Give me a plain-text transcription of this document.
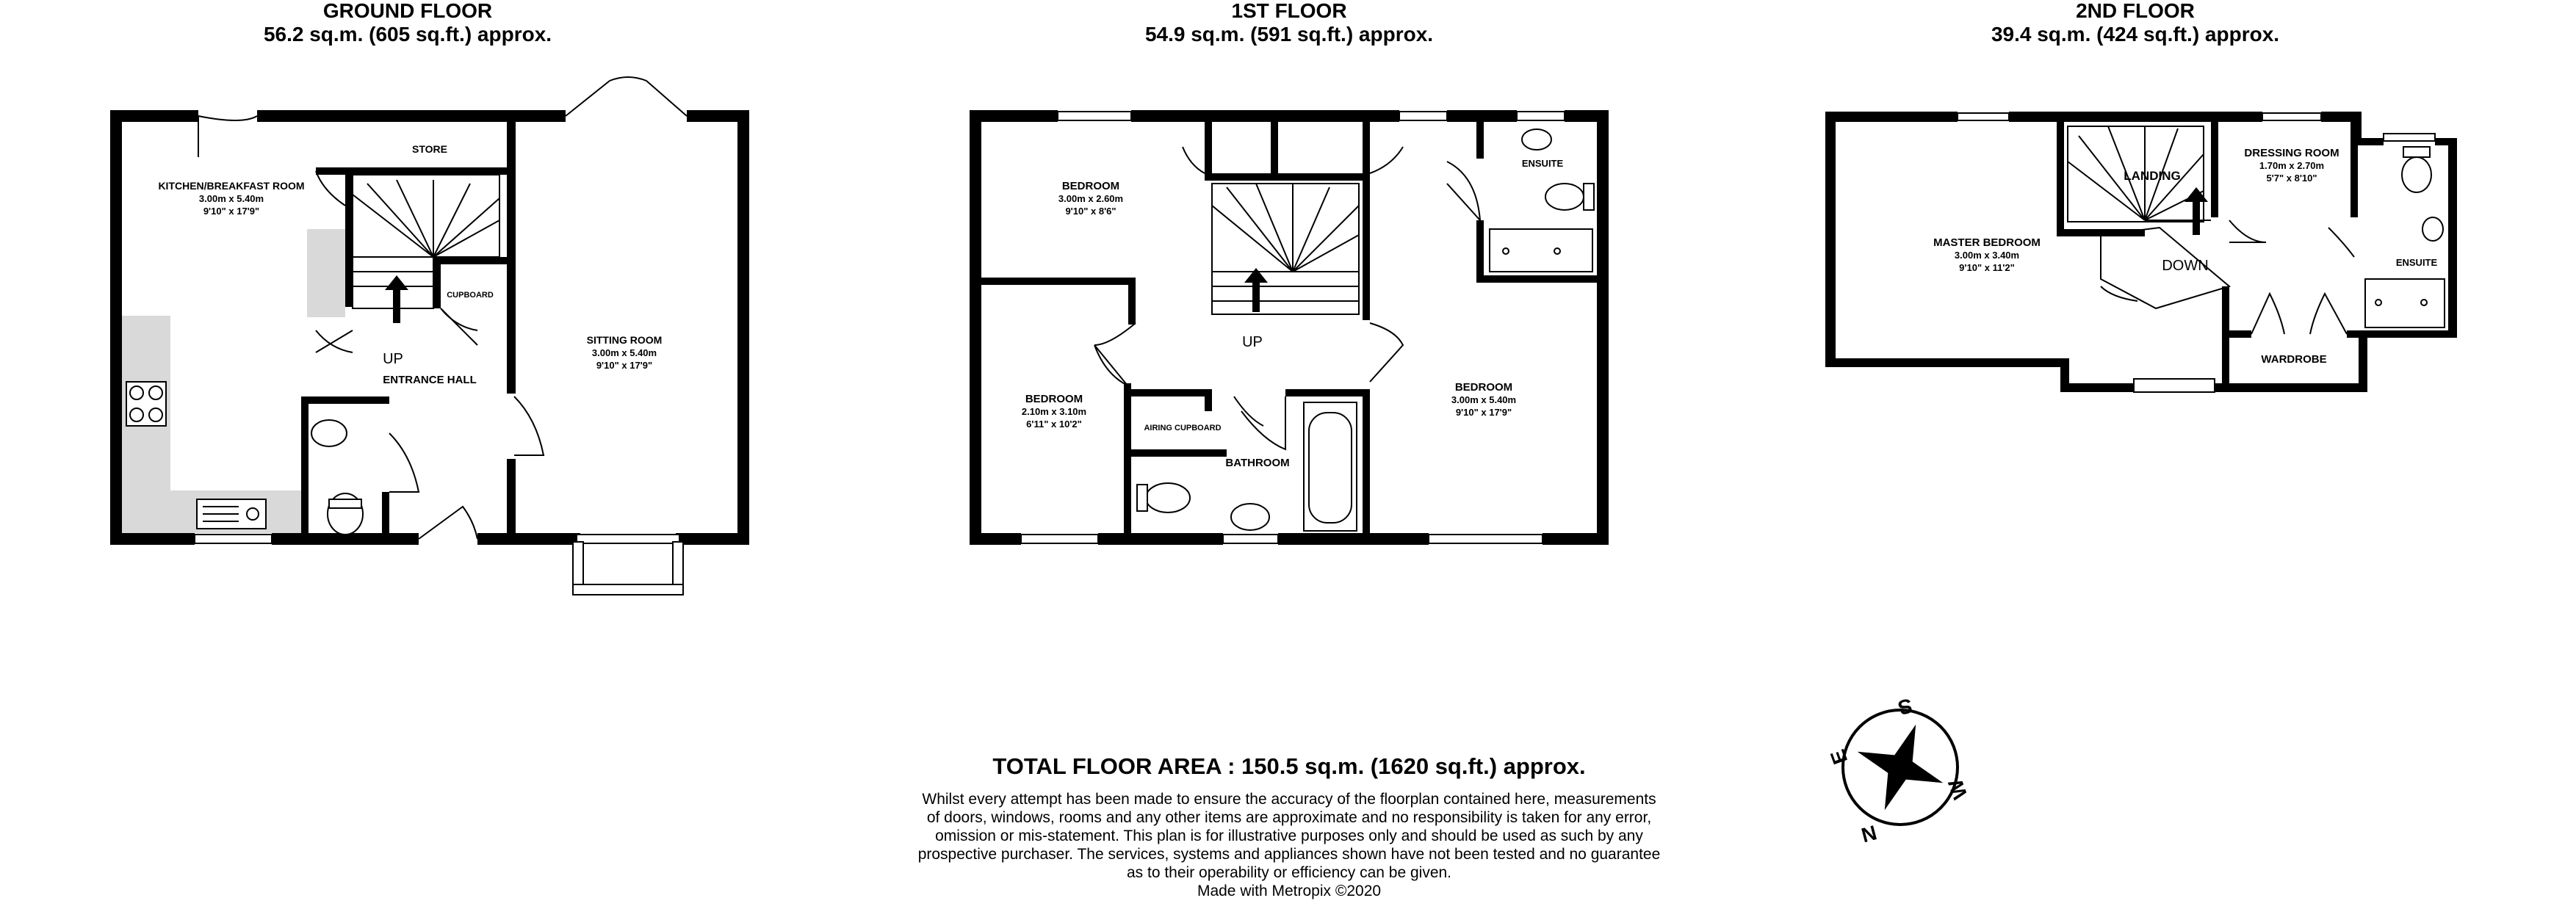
GROUND FLOOR
56.2 sq.m. (605 sq.ft.) approx.
1ST FLOOR
54.9 sq.m. (591 sq.ft.) approx.
2ND FLOOR
39.4 sq.m. (424 sq.ft.) approx.
KITCHEN/BREAKFAST ROOM
3.00m x 5.40m
9'10" x 17'9"
STORE
CUPBOARD
UP
ENTRANCE HALL
SITTING ROOM
3.00m x 5.40m
9'10" x 17'9"
BEDROOM
3.00m x 2.60m
9'10" x 8'6"
ENSUITE
UP
BEDROOM
2.10m x 3.10m
6'11" x 10'2"	AIRING CUPBOARD
BATHROOM
BEDROOM
3.00m x 5.40m
9'10" x 17'9"
LANDING
DRESSING ROOM
1.70m x 2.70m
5'7" x 8'10"
MASTER BEDROOM
3.00m x 3.40m
9'10" x 11'2"	DOWN	ENSUITE
WARDROBE
TOTAL FLOOR AREA : 150.5 sq.m. (1620 sq.ft.) approx.
Whilst every attempt has been made to ensure the accuracy of the floorplan contained here, measurements
of doors, windows, rooms and any other items are approximate and no responsibility is taken for any error,
omission or mis-statement. This plan is for illustrative purposes only and should be used as such by any
prospective purchaser. The services, systems and appliances shown have not been tested and no guarantee
as to their operability or efficiency can be given.
Made with Metropix ©2020
N
S
E
W
